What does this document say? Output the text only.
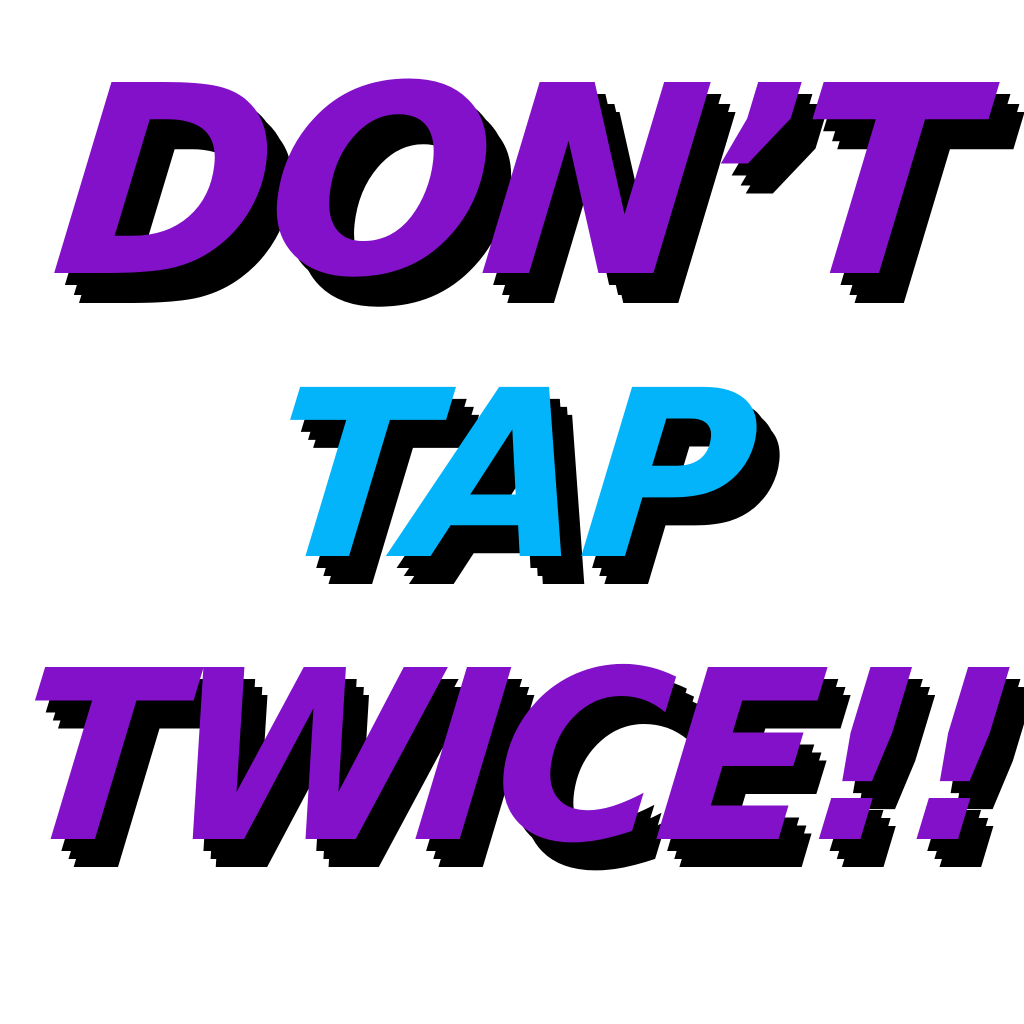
DON’T
TAP
TWICE!!
